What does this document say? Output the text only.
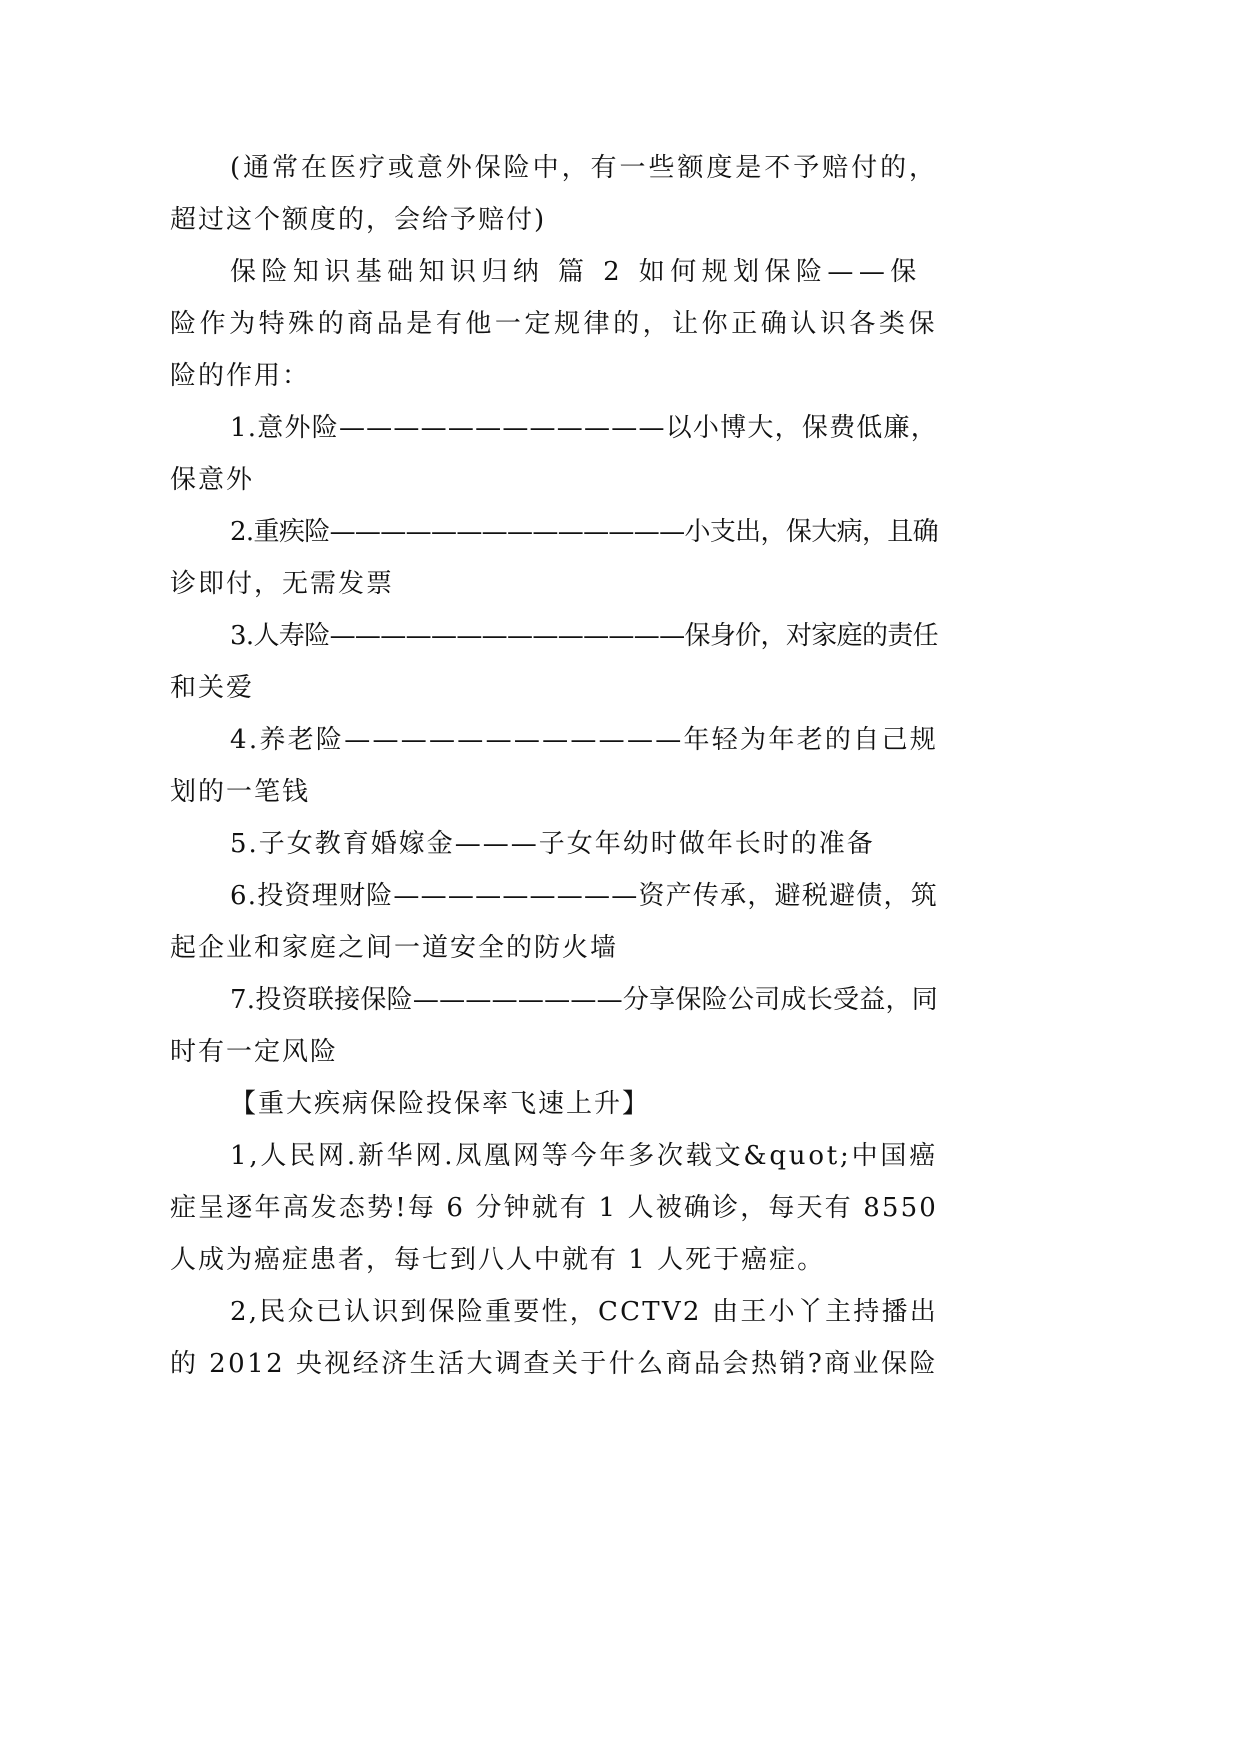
(通常在医疗或意外保险中，有一些额度是不予赔付的，
超过这个额度的，会给予赔付)
保险知识基础知识归纳 篇 2 如何规划保险——保
险作为特殊的商品是有他一定规律的，让你正确认识各类保
险的作用：
1.意外险————————————以小博大，保费低廉，
保意外
2.重疾险——————————————小支出，保大病，且确
诊即付，无需发票
3.人寿险——————————————保身价，对家庭的责任
和关爱
4.养老险————————————年轻为年老的自己规
划的一笔钱
5.子女教育婚嫁金———子女年幼时做年长时的准备
6.投资理财险—————————资产传承，避税避债，筑
起企业和家庭之间一道安全的防火墙
7.投资联接保险————————分享保险公司成长受益，同
时有一定风险
【重大疾病保险投保率飞速上升】
1,人民网.新华网.凤凰网等今年多次载文&quot;中国癌
症呈逐年高发态势!每 6 分钟就有 1 人被确诊，每天有 8550
人成为癌症患者，每七到八人中就有 1 人死于癌症。
2,民众已认识到保险重要性，CCTV2 由王小丫主持播出
的 2012 央视经济生活大调查关于什么商品会热销?商业保险
